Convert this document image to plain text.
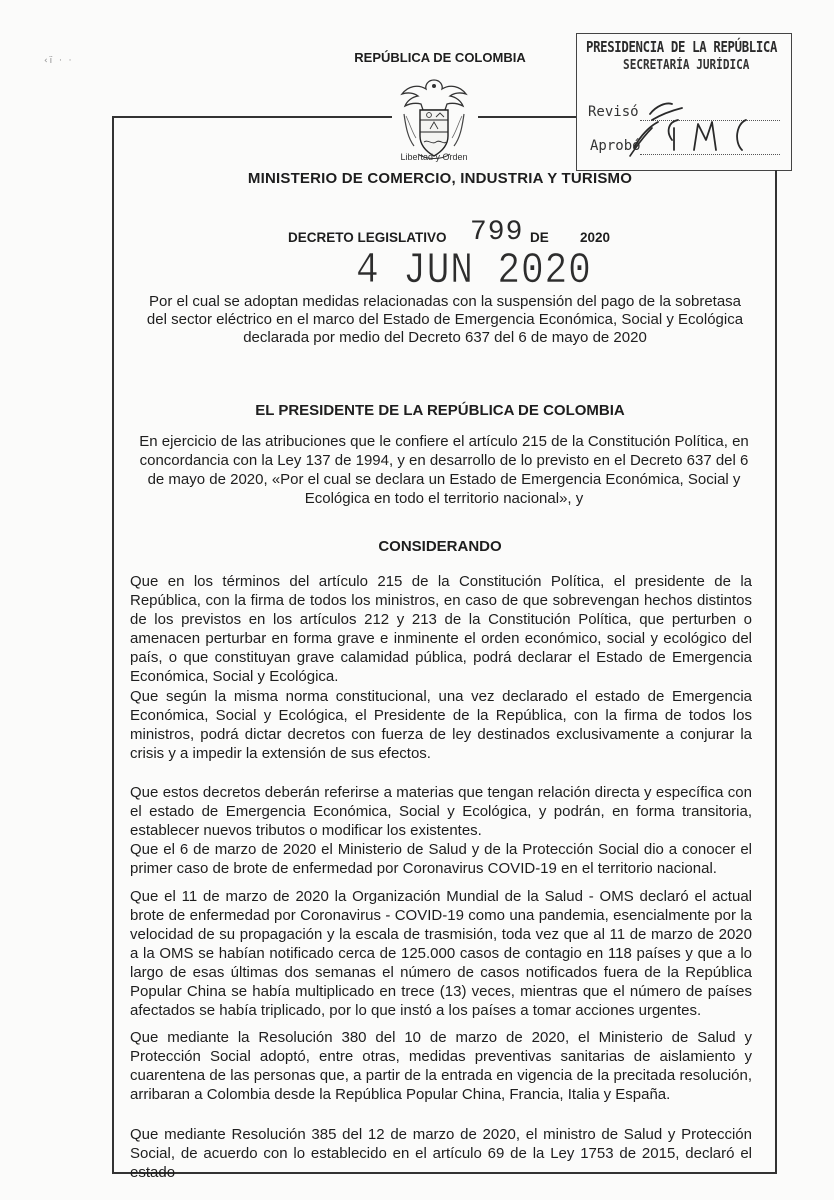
‹ï · ·	REPÚBLICA DE COLOMBIA
Libertad y Orden
PRESIDENCIA DE LA REPÚBLICA
SECRETARÍA JURÍDICA
Revisó
Aprobó
MINISTERIO DE COMERCIO, INDUSTRIA Y TURISMO
DECRETO LEGISLATIVO 799 DE 2020
4 JUN 2020
Por el cual se adoptan medidas relacionadas con la suspensión del pago de la sobretasa del sector eléctrico en el marco del Estado de Emergencia Económica, Social y Ecológica declarada por medio del Decreto 637 del 6 de mayo de 2020
EL PRESIDENTE DE LA REPÚBLICA DE COLOMBIA
En ejercicio de las atribuciones que le confiere el artículo 215 de la Constitución Política, en concordancia con la Ley 137 de 1994, y en desarrollo de lo previsto en el Decreto 637 del 6 de mayo de 2020, «Por el cual se declara un Estado de Emergencia Económica, Social y Ecológica en todo el territorio nacional», y
CONSIDERANDO
Que en los términos del artículo 215 de la Constitución Política, el presidente de la República, con la firma de todos los ministros, en caso de que sobrevengan hechos distintos de los previstos en los artículos 212 y 213 de la Constitución Política, que perturben o amenacen perturbar en forma grave e inminente el orden económico, social y ecológico del país, o que constituyan grave calamidad pública, podrá declarar el Estado de Emergencia Económica, Social y Ecológica.
Que según la misma norma constitucional, una vez declarado el estado de Emergencia Económica, Social y Ecológica, el Presidente de la República, con la firma de todos los ministros, podrá dictar decretos con fuerza de ley destinados exclusivamente a conjurar la crisis y a impedir la extensión de sus efectos.
Que estos decretos deberán referirse a materias que tengan relación directa y específica con el estado de Emergencia Económica, Social y Ecológica, y podrán, en forma transitoria, establecer nuevos tributos o modificar los existentes.
Que el 6 de marzo de 2020 el Ministerio de Salud y de la Protección Social dio a conocer el primer caso de brote de enfermedad por Coronavirus COVID-19 en el territorio nacional.
Que el 11 de marzo de 2020 la Organización Mundial de la Salud - OMS declaró el actual brote de enfermedad por Coronavirus - COVID-19 como una pandemia, esencialmente por la velocidad de su propagación y la escala de trasmisión, toda vez que al 11 de marzo de 2020 a la OMS se habían notificado cerca de 125.000 casos de contagio en 118 países y que a lo largo de esas últimas dos semanas el número de casos notificados fuera de la República Popular China se había multiplicado en trece (13) veces, mientras que el número de países afectados se había triplicado, por lo que instó a los países a tomar acciones urgentes.
Que mediante la Resolución 380 del 10 de marzo de 2020, el Ministerio de Salud y Protección Social adoptó, entre otras, medidas preventivas sanitarias de aislamiento y cuarentena de las personas que, a partir de la entrada en vigencia de la precitada resolución, arribaran a Colombia desde la República Popular China, Francia, Italia y España.
Que mediante Resolución 385 del 12 de marzo de 2020, el ministro de Salud y Protección Social, de acuerdo con lo establecido en el artículo 69 de la Ley 1753 de 2015, declaró el estado
